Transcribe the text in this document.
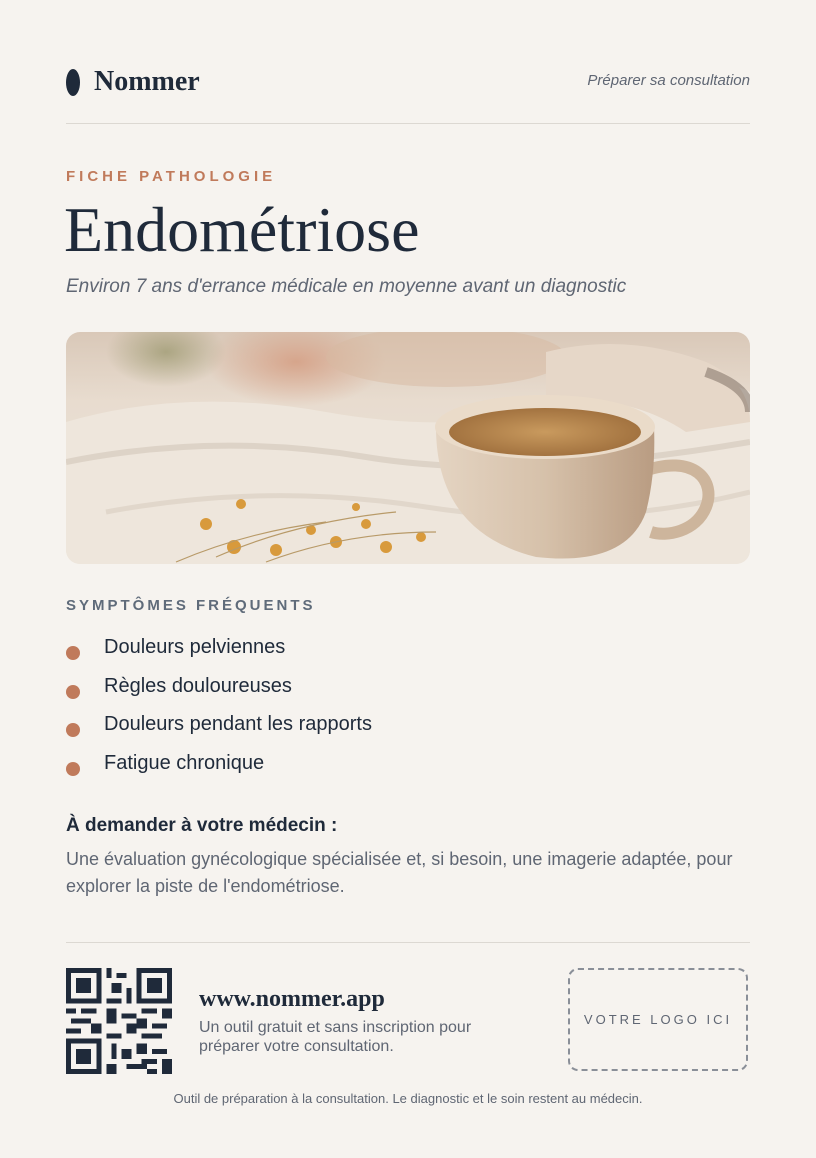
Nommer	Préparer sa consultation
FICHE PATHOLOGIE
Endométriose
Environ 7 ans d'errance médicale en moyenne avant un diagnostic
SYMPTÔMES FRÉQUENTS
Douleurs pelviennes
Règles douloureuses
Douleurs pendant les rapports
Fatigue chronique
À demander à votre médecin :
Une évaluation gynécologique spécialisée et, si besoin, une imagerie adaptée, pour explorer la piste de l'endométriose.
www.nommer.app
Un outil gratuit et sans inscription pour préparer votre consultation.
VOTRE LOGO ICI
Outil de préparation à la consultation. Le diagnostic et le soin restent au médecin.
